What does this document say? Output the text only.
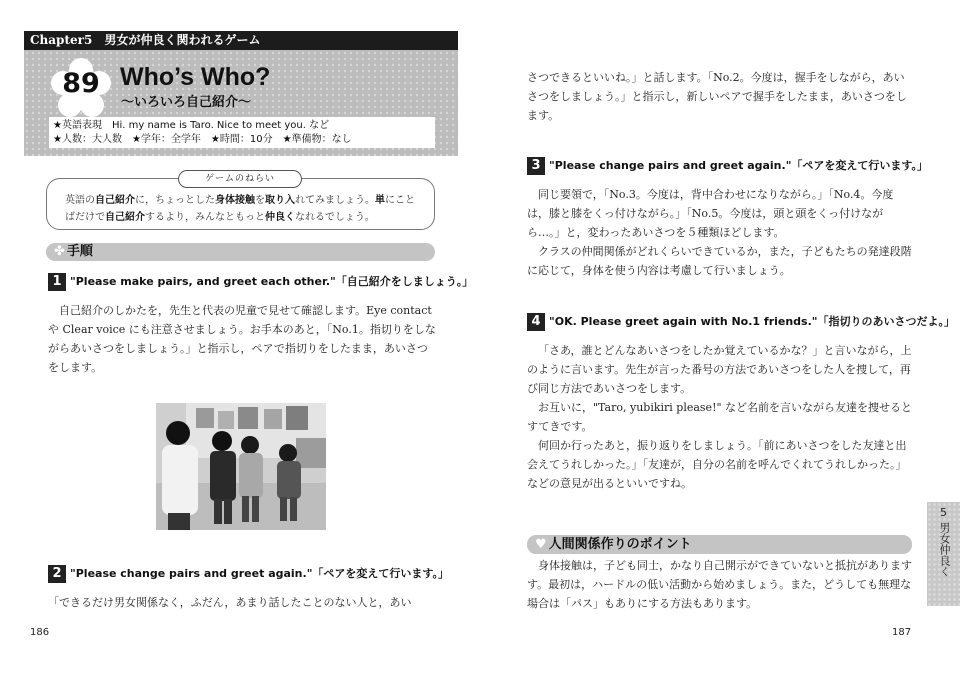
Chapter5 男女が仲良く関われるゲーム
89 Who’s Who?
～いろいろ自己紹介～
★英語表現　Hi. my name is Taro. Nice to meet you. など
★人数：大人数　★学年：全学年　★時間：10分　★準備物：なし
英語の自己紹介に，ちょっとした身体接触を取り入れてみましょう。単にことばだけで自己紹介するより，みんなともっと仲良くなれるでしょう。
ゲームのねらい
✤ 手順
1 "Please make pairs, and greet each other."「自己紹介をしましょう。」

自己紹介のしかたを，先生と代表の児童で見せて確認します。Eye contact や Clear voice にも注意させましょう。お手本のあと，「No.1。指切りをしながらあいさつをしましょう。」と指示し，ペアで指切りをしたまま，あいさつをします。

2 "Please change pairs and greet again."「ペアを変えて行います。」

「できるだけ男女関係なく，ふだん，あまり話したことのない人と，あい

186

さつできるといいね。」と話します。「No.2。今度は，握手をしながら，あいさつをしましょう。」と指示し，新しいペアで握手をしたまま，あいさつをします。

3 "Please change pairs and greet again."「ペアを変えて行います。」

同じ要領で，「No.3。今度は，背中合わせになりながら。」「No.4。今度は，膝と膝をくっ付けながら。」「No.5。今度は，頭と頭をくっ付けながら…。」と，変わったあいさつを５種類ほどします。

クラスの仲間関係がどれくらいできているか，また，子どもたちの発達段階に応じて，身体を使う内容は考慮して行いましょう。

4 "OK. Please greet again with No.1 friends."「指切りのあいさつだよ。」

「さあ，誰とどんなあいさつをしたか覚えているかな？」と言いながら，上のように言います。先生が言った番号の方法であいさつをした人を捜して，再び同じ方法であいさつをします。

お互いに，"Taro, yubikiri please!" など名前を言いながら友達を捜せるとすてきです。

何回か行ったあと，振り返りをしましょう。「前にあいさつをした友達と出会えてうれしかった。」「友達が，自分の名前を呼んでくれてうれしかった。」などの意見が出るといいですね。

187
♥ 人間関係作りのポイント

身体接触は，子ども同士，かなり自己開示ができていないと抵抗がありますす。最初は，ハードルの低い活動から始めましょう。また，どうしても無理な場合は「パス」もありにする方法もあります。

5
男女仲良く
